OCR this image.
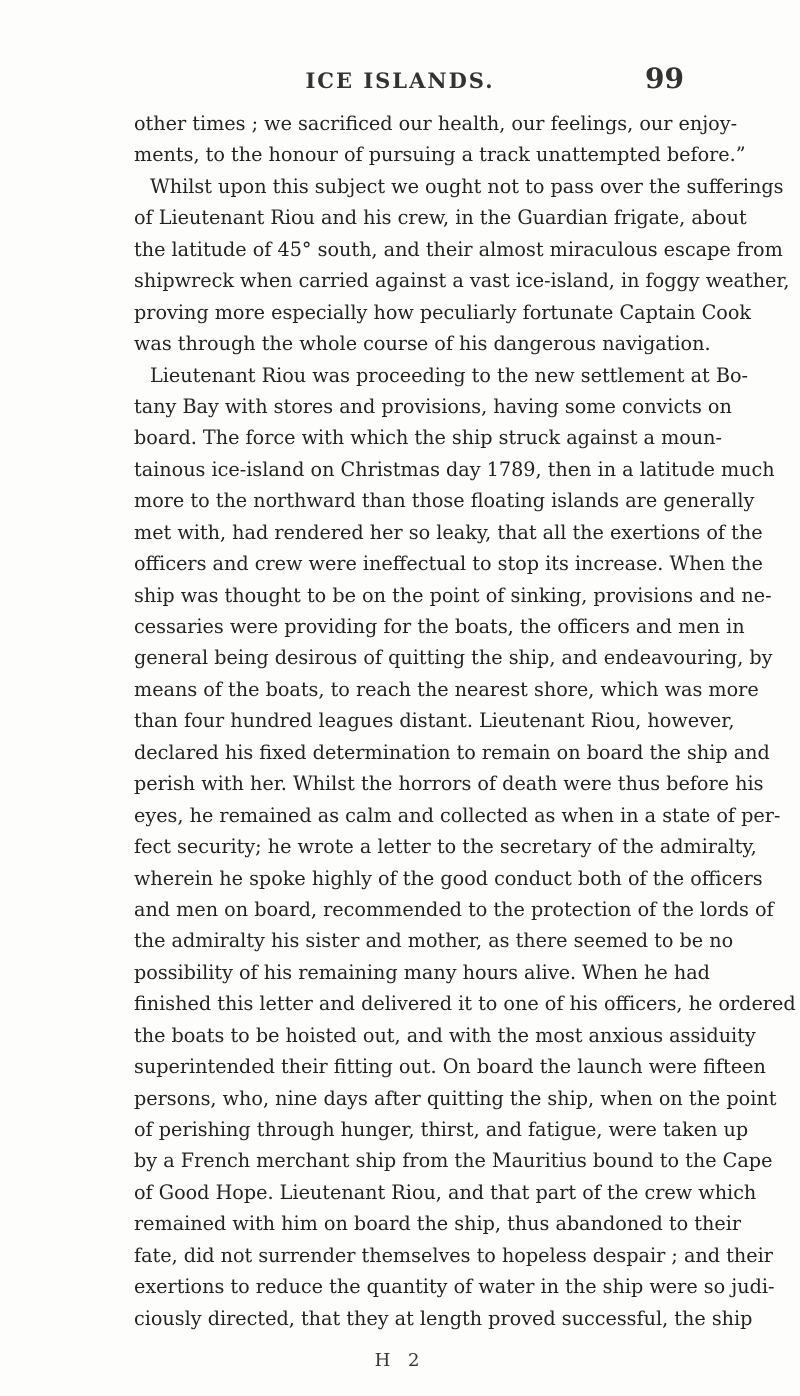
ICE ISLANDS.	99
other times ; we sacrificed our health, our feelings, our enjoy-
ments, to the honour of pursuing a track unattempted before.”
Whilst upon this subject we ought not to pass over the sufferings
of Lieutenant Riou and his crew, in the Guardian frigate, about
the latitude of 45° south, and their almost miraculous escape from
shipwreck when carried against a vast ice-island, in foggy weather,
proving more especially how peculiarly fortunate Captain Cook
was through the whole course of his dangerous navigation.
Lieutenant Riou was proceeding to the new settlement at Bo-
tany Bay with stores and provisions, having some convicts on
board. The force with which the ship struck against a moun-
tainous ice-island on Christmas day 1789, then in a latitude much
more to the northward than those floating islands are generally
met with, had rendered her so leaky, that all the exertions of the
officers and crew were ineffectual to stop its increase. When the
ship was thought to be on the point of sinking, provisions and ne-
cessaries were providing for the boats, the officers and men in
general being desirous of quitting the ship, and endeavouring, by
means of the boats, to reach the nearest shore, which was more
than four hundred leagues distant. Lieutenant Riou, however,
declared his fixed determination to remain on board the ship and
perish with her. Whilst the horrors of death were thus before his
eyes, he remained as calm and collected as when in a state of per-
fect security; he wrote a letter to the secretary of the admiralty,
wherein he spoke highly of the good conduct both of the officers
and men on board, recommended to the protection of the lords of
the admiralty his sister and mother, as there seemed to be no
possibility of his remaining many hours alive. When he had
finished this letter and delivered it to one of his officers, he ordered
the boats to be hoisted out, and with the most anxious assiduity
superintended their fitting out. On board the launch were fifteen
persons, who, nine days after quitting the ship, when on the point
of perishing through hunger, thirst, and fatigue, were taken up
by a French merchant ship from the Mauritius bound to the Cape
of Good Hope. Lieutenant Riou, and that part of the crew which
remained with him on board the ship, thus abandoned to their
fate, did not surrender themselves to hopeless despair ; and their
exertions to reduce the quantity of water in the ship were so judi-
ciously directed, that they at length proved successful, the ship
H 2
